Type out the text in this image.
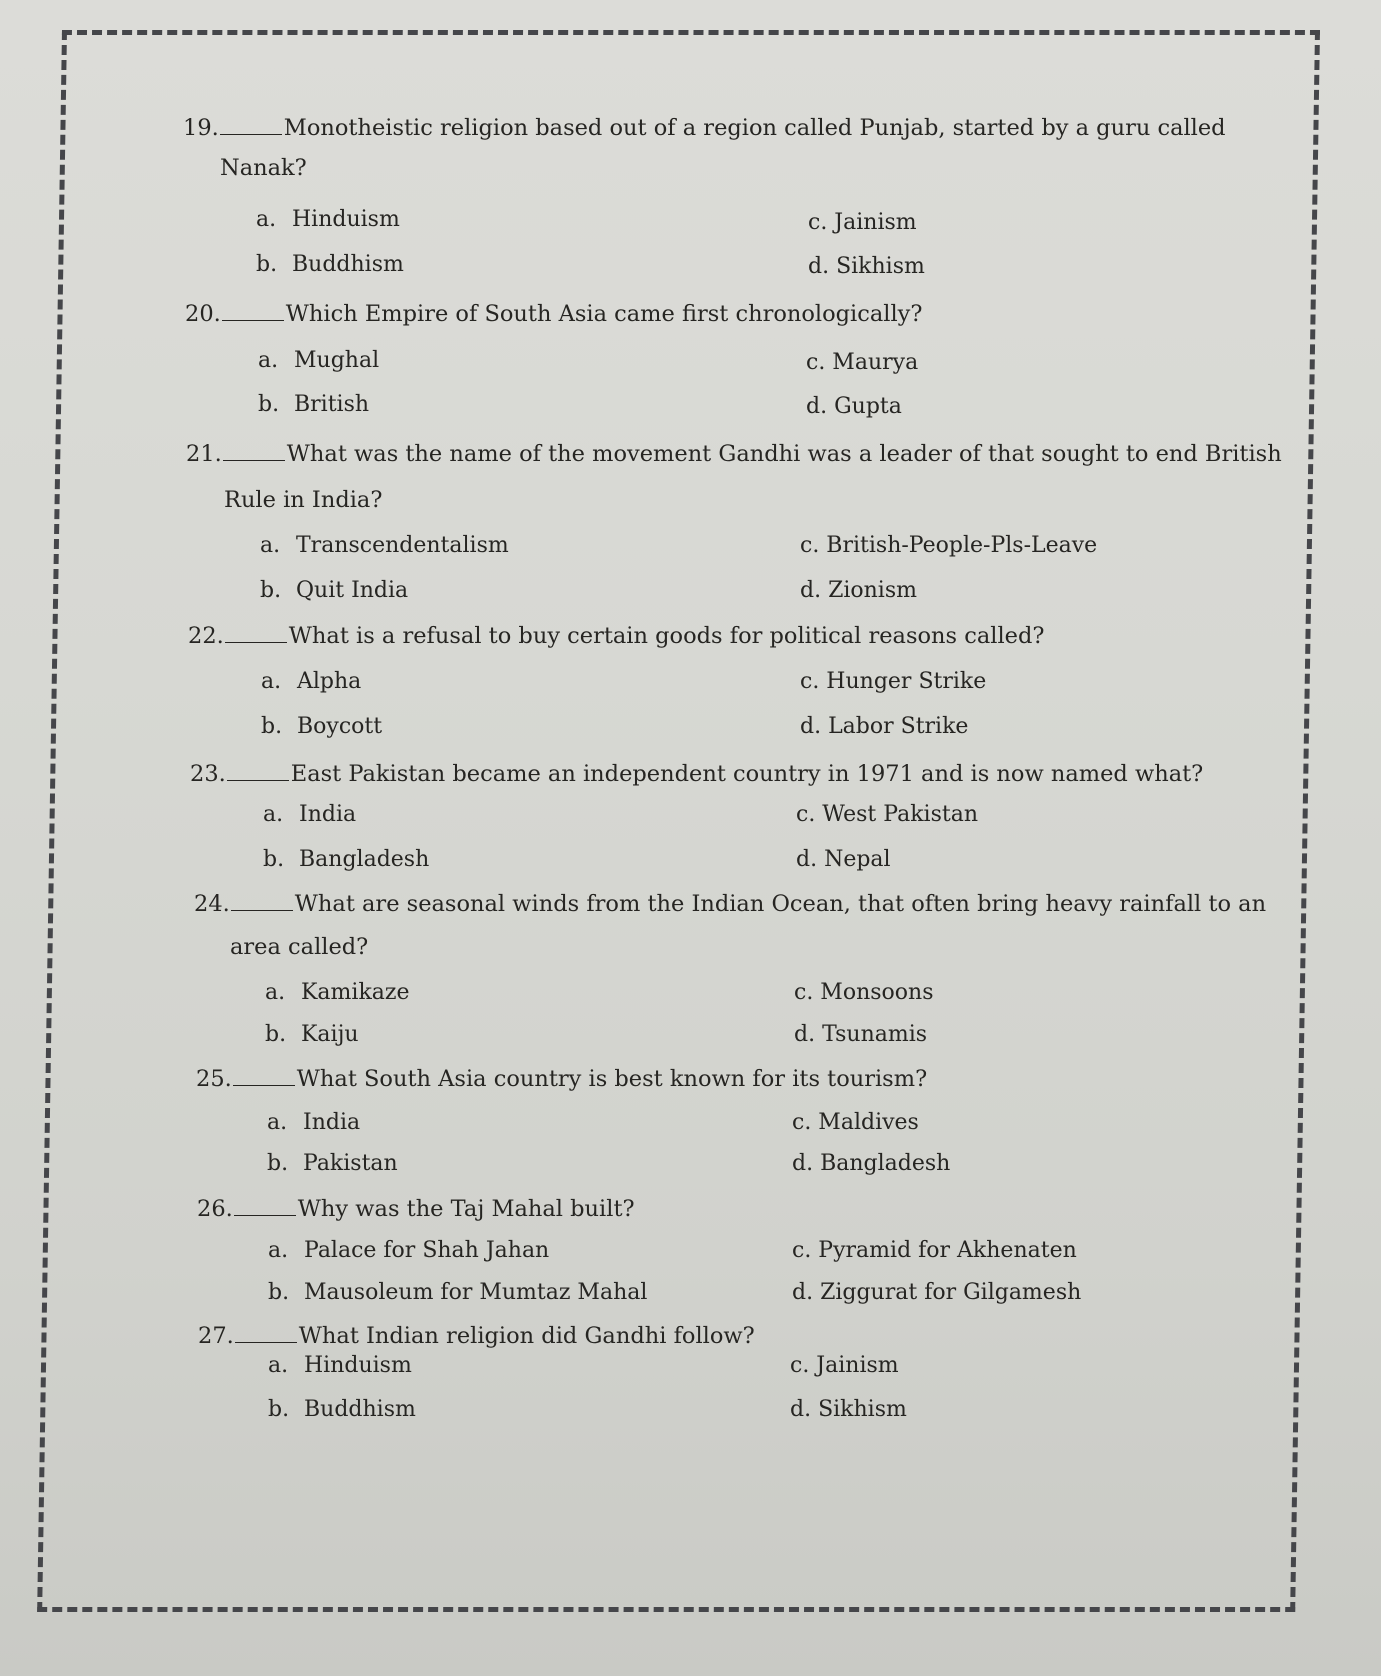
19.	Monotheistic religion based out of a region called Punjab, started by a guru called
Nanak?
a. Hinduism
b. Buddhism
c. Jainism
d. Sikhism
20.	Which Empire of South Asia came first chronologically?
a. Mughal
b. British
c. Maurya
d. Gupta
21.	What was the name of the movement Gandhi was a leader of that sought to end British
Rule in India?
a. Transcendentalism
b. Quit India
c. British-People-Pls-Leave
d. Zionism
22.	What is a refusal to buy certain goods for political reasons called?
a. Alpha
b. Boycott
c. Hunger Strike
d. Labor Strike
23.	East Pakistan became an independent country in 1971 and is now named what?
a. India
b. Bangladesh
c. West Pakistan
d. Nepal
24.	What are seasonal winds from the Indian Ocean, that often bring heavy rainfall to an
area called?
a. Kamikaze
b. Kaiju
c. Monsoons
d. Tsunamis
25.	What South Asia country is best known for its tourism?
a. India
b. Pakistan
c. Maldives
d. Bangladesh
26.	Why was the Taj Mahal built?
a. Palace for Shah Jahan
b. Mausoleum for Mumtaz Mahal
c. Pyramid for Akhenaten
d. Ziggurat for Gilgamesh
27.	What Indian religion did Gandhi follow?
a. Hinduism
b. Buddhism
c. Jainism
d. Sikhism
